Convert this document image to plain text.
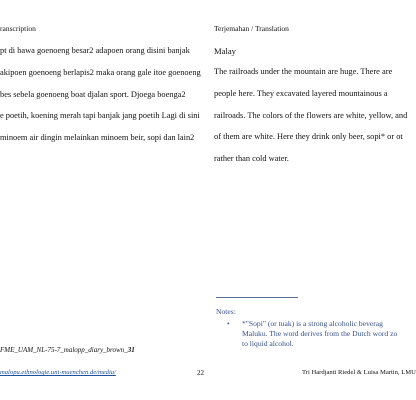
ranscription	Terjemahan / Translation
pt di bawa goenoeng besar2 adapoen orang disini banjak
akipoen goenoeng berlapis2 maka orang gale itoe goenoeng
bes sebela goenoeng boat djalan sport. Djoega boenga2
e poetih, koening merah tapi banjak jang poetih Lagi di sini
minoem air dingin melainkan minoem beir, sopi dan lain2
Malay
The railroads under the mountain are huge. There are
people here. They excavated layered mountainous a
railroads. The colors of the flowers are white, yellow, and
of them are white. Here they drink only beer, sopi* or ot
rather than cold water.
Notes:
•	*"Sopi" (or tuak) is a strong alcoholic beverag
Maluku. The word derives from the Dutch word zo
to liquid alcohol.
FME_UAM_NL-75-7_malopp_diary_brown_31
malopu.ethnologie.uni-muenchen.de/media/	22	Tri Hardjanti Riedel & Luisa Martin, LMU
